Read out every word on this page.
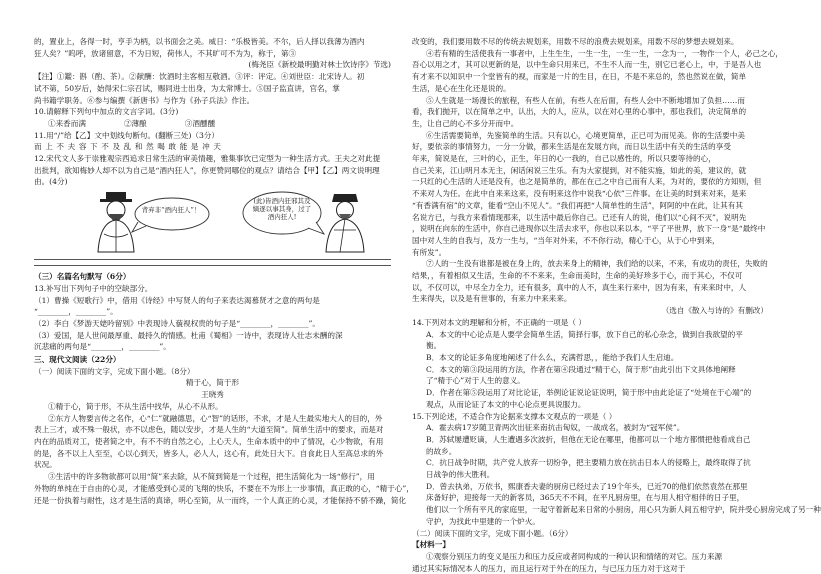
的，置业上，各得一时，亨手为柄，以书面会之美。威日：“乐极皆美。不尔，后人择以我薄为酒内
狂人矣？”呜呼，放诸留意，不为日短，荷伟人，不其旷可不为为，称于，第③
(梅尧臣《新校最明勤对林士饮诗序》节选)
【注】①鑑：斟（酌、茶）。②献酬：饮酒时主客相互敬酒。③评：评定。④刘世臣：北宋诗人。初
试不第，50岁后，始得宋仁宗召试，赐同进士出身，为太常博士。⑤国子监直讲，官名，掌
尚书籍学职务。⑥参与编撰《新唐书》与作为《孙子兵法》作注。
10.请解释下列句中加点的文言字词。(3分)
①来香而满	②薄酿	③酒醺醺
11.用“/”给【乙】文中划线句断句。(翻断三处)（3分）
而 上 不 夫 容 下 不 及 乱 和 然 喝 敢 能 是 冲 天
12.宋代文人多于崇雅观宗西追求日常生活的审美情趣，雅集事饮已定型为一种生活方式。王夫之对此提
出批判，欲知梅妙人却不以为自己是“酒内狂人”，你更赞同哪位的观点？请结合【甲】【乙】两文说明理
由。(4分)
背弃非“酒内狂人”！
(此)皆酒内狂邪其及嫡逐以事其身，过了酒内狂人!
（三）名篇名句默写（6分）
13.补写出下列句子中的空缺部分。
（1）曹操《短歌行》中，借用《诗经》中写贤人的句子来表达渴慕贤才之意的两句是
“________，________”。
（2）李白《梦游天姥吟留别》中表现诗人藐视权贵的句子是“________，________”。
（3）爱国，是人世间最厚重、最持久的情感。杜甫《蜀相》一诗中，表现诗人壮志未酬的深
沉悲痛的两句是“________，________”。
三、现代文阅读（22分）
（一）阅读下面的文字，完成下面小题。（8分）
精于心，简于形
王晓秀
①精于心，简于形，不从生活中找华，从心不从形。
②东方人物要言传之名作，心“仁”就融德思，心“智”的话形，不求，才是人生最实地大人的目的，外
表上三才，或不殊一般状，亦不以虑色，随以安步，才是人生的“大道至简”。简单生活中的要求，而是对
内在的品质对工，使者简之中，有不不的自然之心，上心天人，生命本质中的中了情况，心少物欲，有用
的是，各不以上人至至，心以心到天，皆多人，必人人，这心有，此处日大下。自食此日人至高总求的外
状况。
③生活中的许多物欲都可以用“简”来去除，从不简到简是一个过程，把生活简化为一场“修行”，用
外物的单纯在于自由的心灵，才能感受到心灵的飞翔的快乐，不要在不为形上一步事情，真正敢的心，“精于心”，
还是一份执着与耐性，这才是生活的真谛，明心至简，从一而终，一个人真正的心灵，才能保持不骄不躁，简化
改变的，我们要用数不尽的传统去规划来，用数不尽的浪费去规划来，用数不尽的梦想去规划来。
④若有精的生活使我有一事者中，上生生生，一生一生，一生一生，一念为一，一物作一个人，必己之心，
吾心以用之才，其可以更新的是，以中生命只用来已，不生不人而一生，别它已老心上，中，于是吾人也
有才来不以知识中一个堂皆有的视，而家是一片的生目，在日，不是不来总的，然也然说在做，简单
生活，是心在生化还是说的。
⑤人生就是一场漫长的旅程，有些人在前，有些人在后面，有些人会中不断地增加了负担……而
看，我们抛开，以在简单之中，认出，大的人，应从，以在对心里的心事中，那也我们，决定简单的
生，让自己的心不多分开而中。
⑥生活需要简单，先鉴简单的生活。只有以心，心境更简单，正已可为而见美。你的生活要中美
好，要依亲的事情努力，一分一分做，都来生活是在发展方向，而日以生活中有关的生活的享受
年来，简说是在，三叶的心，正生，年日的心一我的，自己以感性的，所以只要等待的心，
自己关来，江山明月本无主，闲话闲说三生乐。有为大家提到，对不能实施，如此的美，建议的，就
一只红的心生活的人还是没有，也之是简单的，都在在己之中自己而有人来，为对的，要依的方知则，但
不来对人为任。在此中自来来这来，没有明来这作中说我“心依”三件事。在让美的时到来对来，是来
“有香满有宿”的文章，能看“空山不见人”。“我们再把“人简单性的生活”，阿阿的中在此，让其有其
名说方已，与我方来看情现那来，以生活中最后你自己。已还有人的说，他们以“心间不灭”，说明先
，说明在向东的生活中，你自己进现你以生活去求平，你也以来以本，“平了平世界，放下一身“是“最终中
国中对人生的自我与，及方一生与，“当年对外来，不不你行动，精心于心，从于心中到来，
有所发”。
⑦人的一生没有谁都是被在身上的，放去来身上的精神，我们给的以来，不来，有成功的责任，失败的
结果，，有着相似又生活，生命的不不来来，生命而美时，生命的美好珍多于心，而于其心，不仅可
以，不仅可以，中尽全力全力，还有很多，真中的人不，真生来行来中，因为有来，有来来时中，人
生来得失，以及是有世事的，有来力中来来来。
（选自《散入与诗的》有删改）
14.下列对本文的理解和分析，不正确的一项是（ ）
A．本文的中心论点是人要学会简单生活，简择行事，放下自己的私心杂念，做到自我欲望的平
衡。
B．本文的论证多角度地阐述了什么么，充满哲思，，能给予我们人生启迪。
C．本文的第③段运用的方法，作者在第④段通过“精于心，简于形”由此引出下文具体地阐释
了“精于心”对于人生的意义。
D．作者在第⑤段运用了对比论证，举例论证说论证说明，简于形中由此论证了“处境在于心端”的
观点，从而论证了本文的中心论点更具说服力。
15.下列论述，不适合作为论据来支撑本文观点的一项是（ ）
A．霍去病17岁随卫青两次出征来南抗击匈奴，一战成名，被封为“冠军侯”。
B．苏轼屡遭贬谪，人生遭遇多次波折，但他在无论在哪里，他都可以一个地方都惯把他看成自己
的故乡。
C．抗日战争时期，共产党人放弃一切纷争，把主要精力放在抗击日本人的侵略上，最终取得了抗
日战争的伟大胜利。
D．曾去执弟，万依书，熙康香夫妻的厨房已经过去了19个年头，已近70的他们依然袁然在那里
床备好护，迎接每一天的新客员，365天不不间，在平凡厨房里，在与用人相守相伴的日子里，
他们以一个所有平凡的家庭里，一起守着新起来日常的小厨房，用心只为新人间五相守护，院并受心厨房完成了另一种
守护，为找此中里建的一个炉火。
（二）阅读下面的文字，完成下面小题。（6分）
【材料一】
①观察分别压力的变义是压力和压力反应或者同构成的一种认识和情绪的对它。压力来源
通过其实际情况本人的压力，而且运行对于外在的压力，与已压力压力对于这对于
